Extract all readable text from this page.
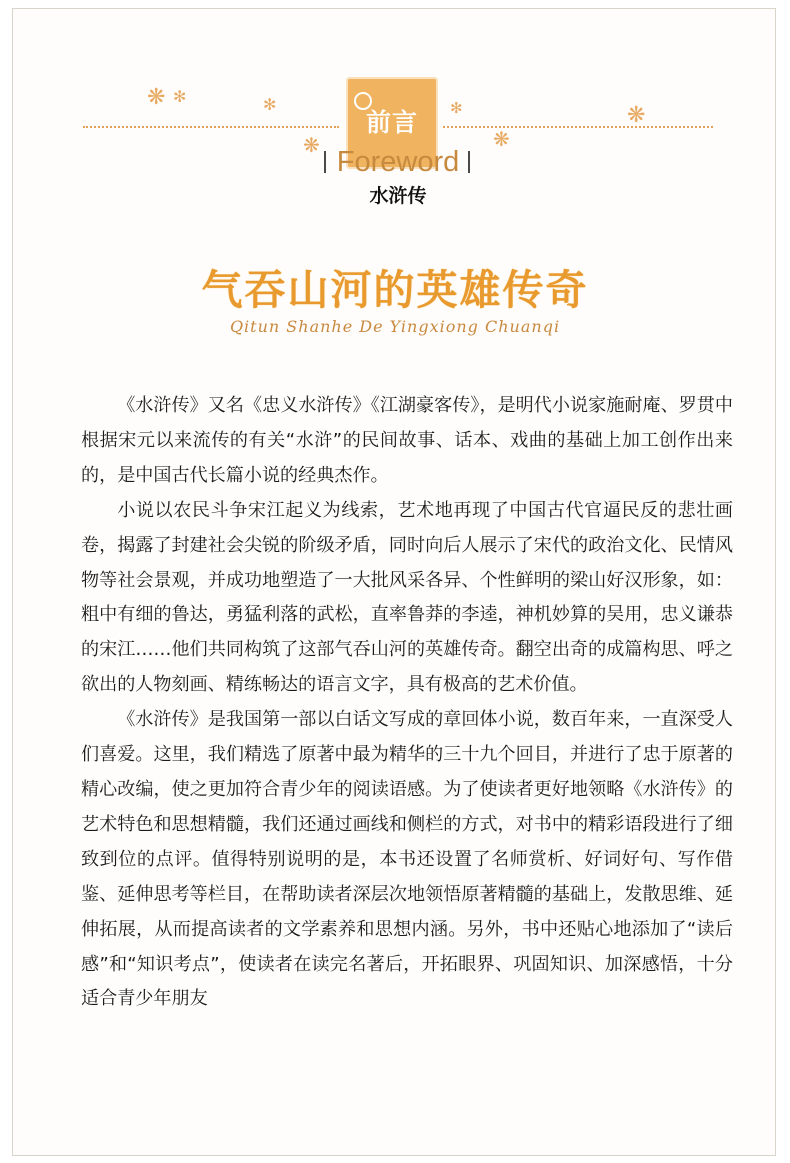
❋ ✻	✻
❋
✻
❋
❋
前言
Foreword
水浒传
气吞山河的英雄传奇
Qitun Shanhe De Yingxiong Chuanqi

《水浒传》又名《忠义水浒传》《江湖豪客传》，是明代小说家施耐庵、罗贯中根据宋元以来流传的有关“水浒”的民间故事、话本、戏曲的基础上加工创作出来的，是中国古代长篇小说的经典杰作。

小说以农民斗争宋江起义为线索，艺术地再现了中国古代官逼民反的悲壮画卷，揭露了封建社会尖锐的阶级矛盾，同时向后人展示了宋代的政治文化、民情风物等社会景观，并成功地塑造了一大批风采各异、个性鲜明的梁山好汉形象，如：粗中有细的鲁达，勇猛利落的武松，直率鲁莽的李逵，神机妙算的吴用，忠义谦恭的宋江……他们共同构筑了这部气吞山河的英雄传奇。翻空出奇的成篇构思、呼之欲出的人物刻画、精练畅达的语言文字，具有极高的艺术价值。

《水浒传》是我国第一部以白话文写成的章回体小说，数百年来，一直深受人们喜爱。这里，我们精选了原著中最为精华的三十九个回目，并进行了忠于原著的精心改编，使之更加符合青少年的阅读语感。为了使读者更好地领略《水浒传》的艺术特色和思想精髓，我们还通过画线和侧栏的方式，对书中的精彩语段进行了细致到位的点评。值得特别说明的是，本书还设置了名师赏析、好词好句、写作借鉴、延伸思考等栏目，在帮助读者深层次地领悟原著精髓的基础上，发散思维、延伸拓展，从而提高读者的文学素养和思想内涵。另外，书中还贴心地添加了“读后感”和“知识考点”，使读者在读完名著后，开拓眼界、巩固知识、加深感悟，十分适合青少年朋友
